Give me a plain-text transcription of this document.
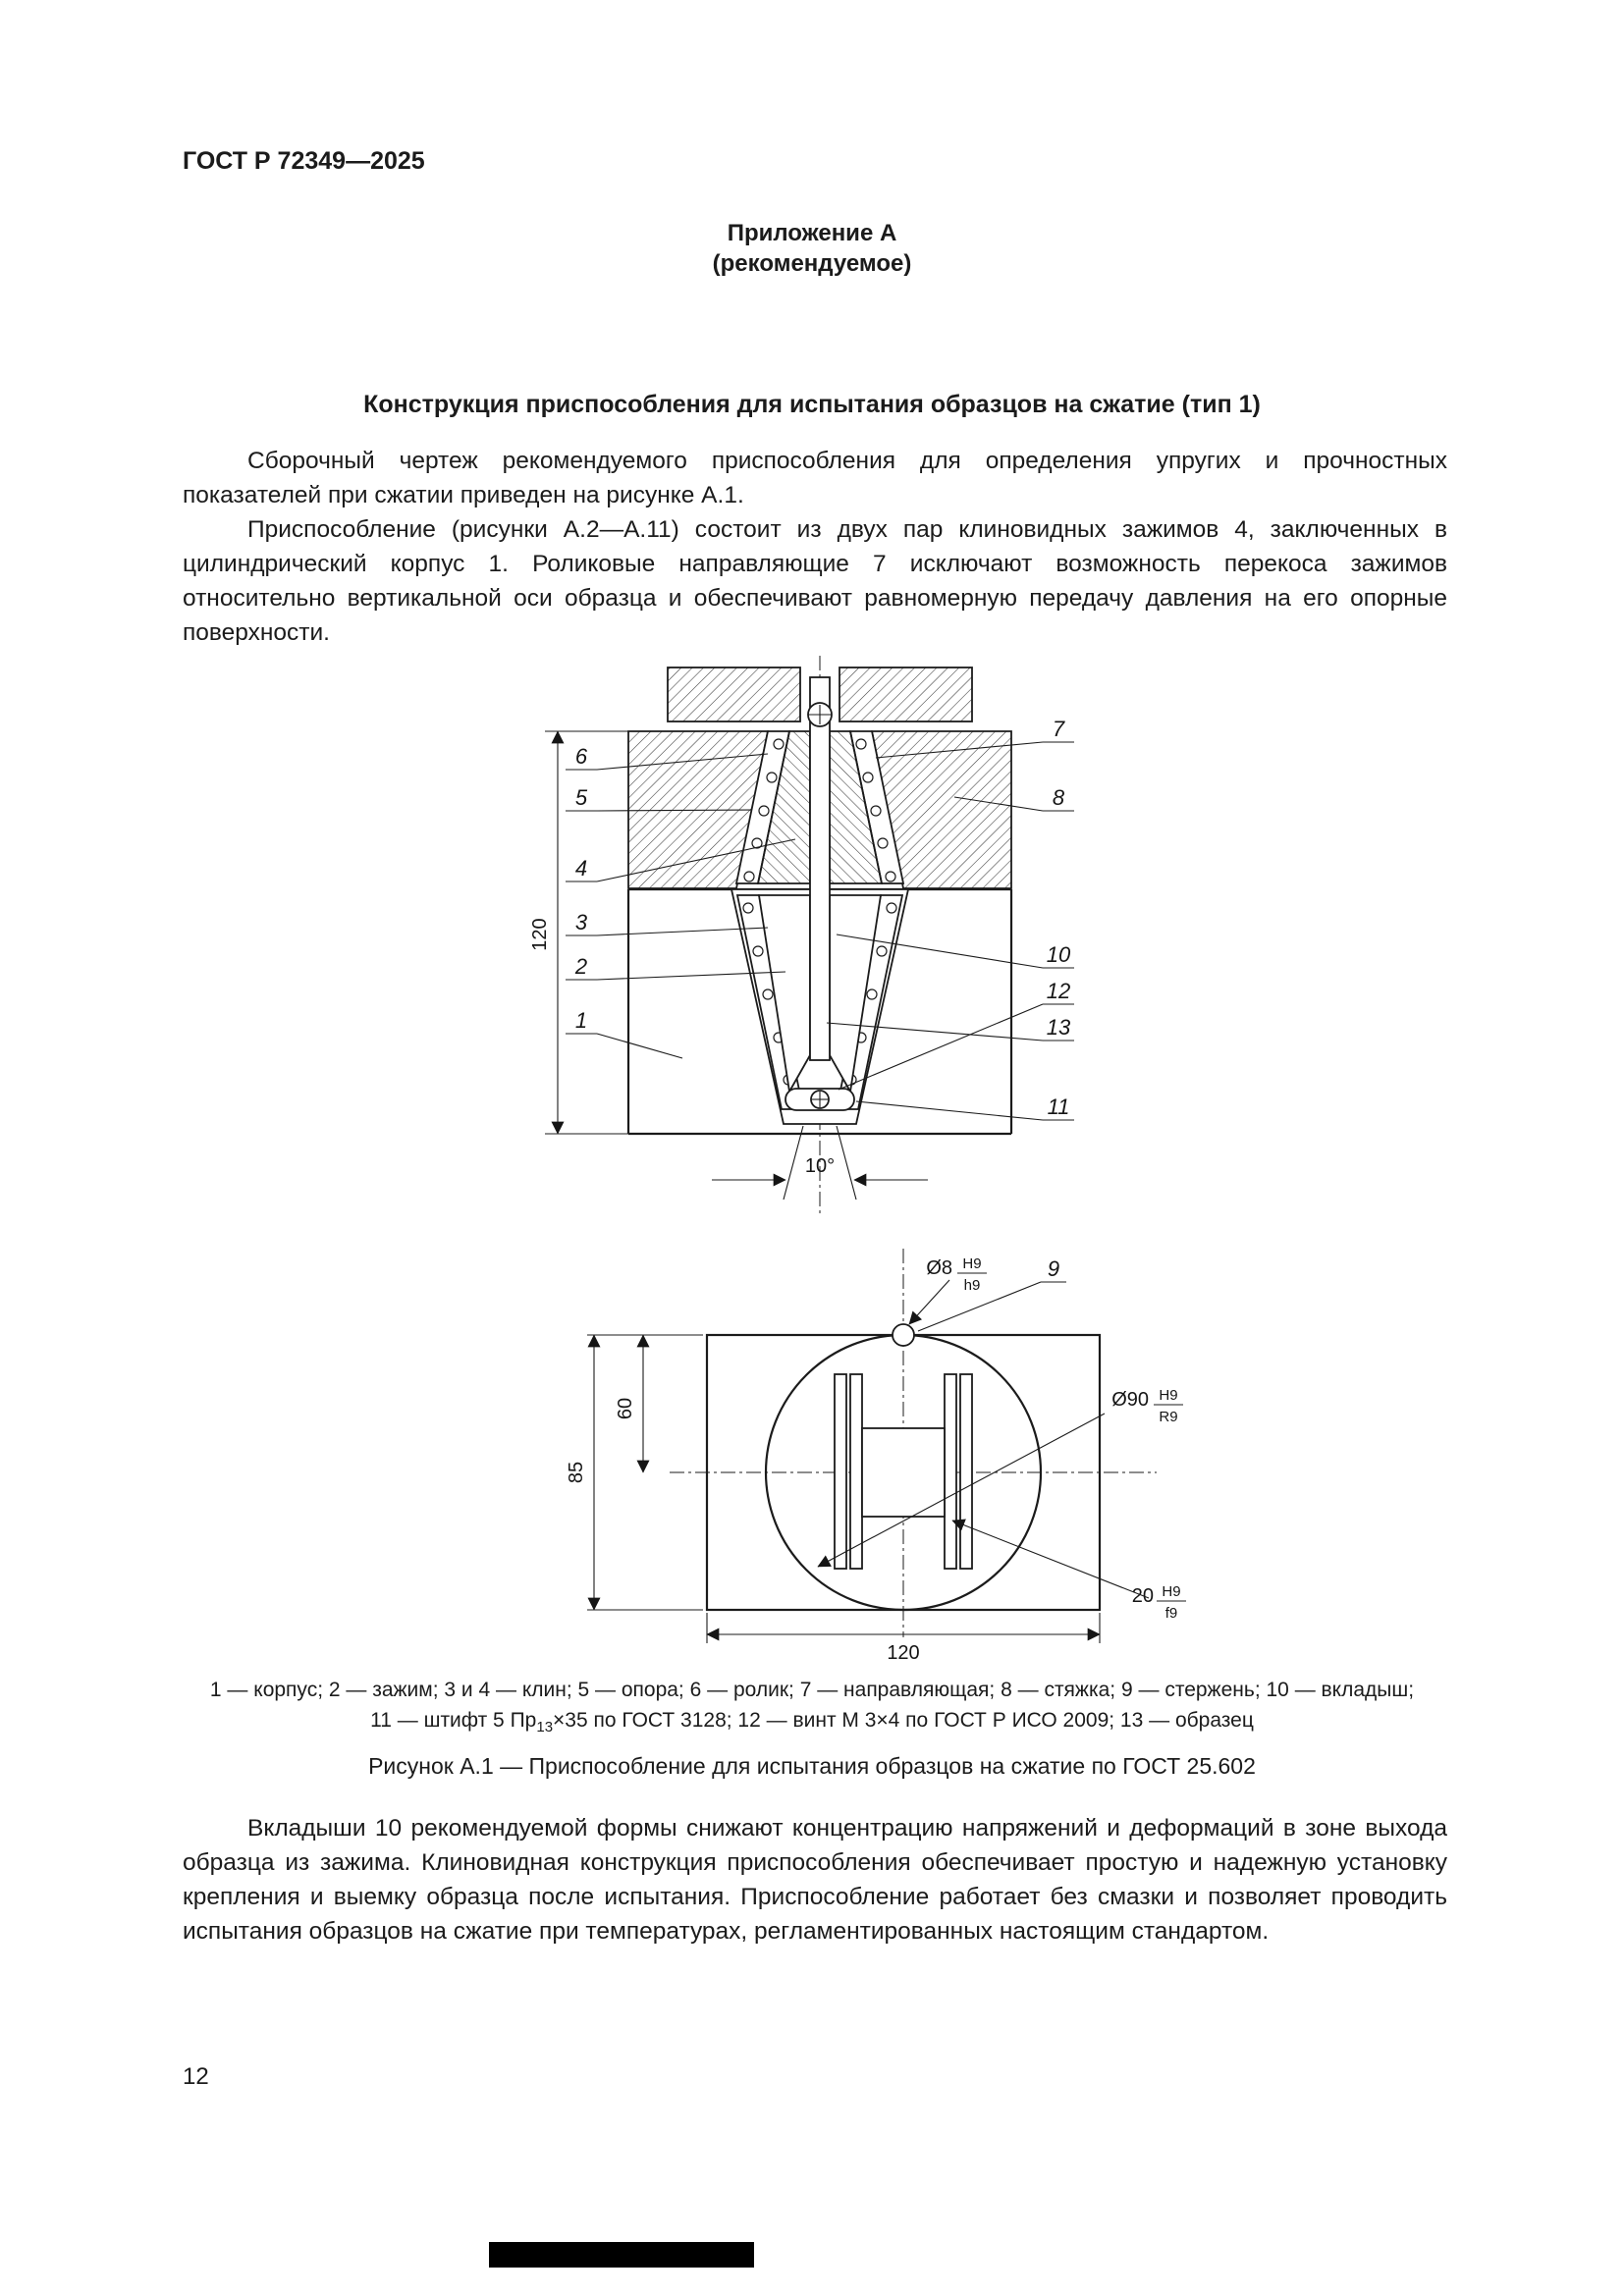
ГОСТ Р 72349—2025
Приложение А
(рекомендуемое)
Конструкция приспособления для испытания образцов на сжатие (тип 1)

Сборочный чертеж рекомендуемого приспособления для определения упругих и прочностных показателей при сжатии приведен на рисунке А.1.

Приспособление (рисунки А.2—А.11) состоит из двух пар клиновидных зажимов 4, заключенных в цилиндрический корпус 1. Роликовые направляющие 7 исключают возможность перекоса зажимов относительно вертикальной оси образца и обеспечивают равномерную передачу давления на его опорные поверхности.

120
10°
6
5
4
3
2
1
7
8
10
12
13
11
85
60
120
Ø8 H9
h9
9
Ø90 H9
R9
20 H9
f9
1 — корпус; 2 — зажим; 3 и 4 — клин; 5 — опора; 6 — ролик; 7 — направляющая; 8 — стяжка; 9 — стержень; 10 — вкладыш;
11 — штифт 5 $Пр_{13}\times 35$ по ГОСТ 3128; 12 — винт М 3×4 по ГОСТ Р ИСО 2009; 13 — образец
Рисунок А.1 — Приспособление для испытания образцов на сжатие по ГОСТ 25.602

Вкладыши 10 рекомендуемой формы снижают концентрацию напряжений и деформаций в зоне выхода образца из зажима. Клиновидная конструкция приспособления обеспечивает простую и надежную установку крепления и выемку образца после испытания. Приспособление работает без смазки и позволяет проводить испытания образцов на сжатие при температурах, регламентированных настоящим стандартом.

12
